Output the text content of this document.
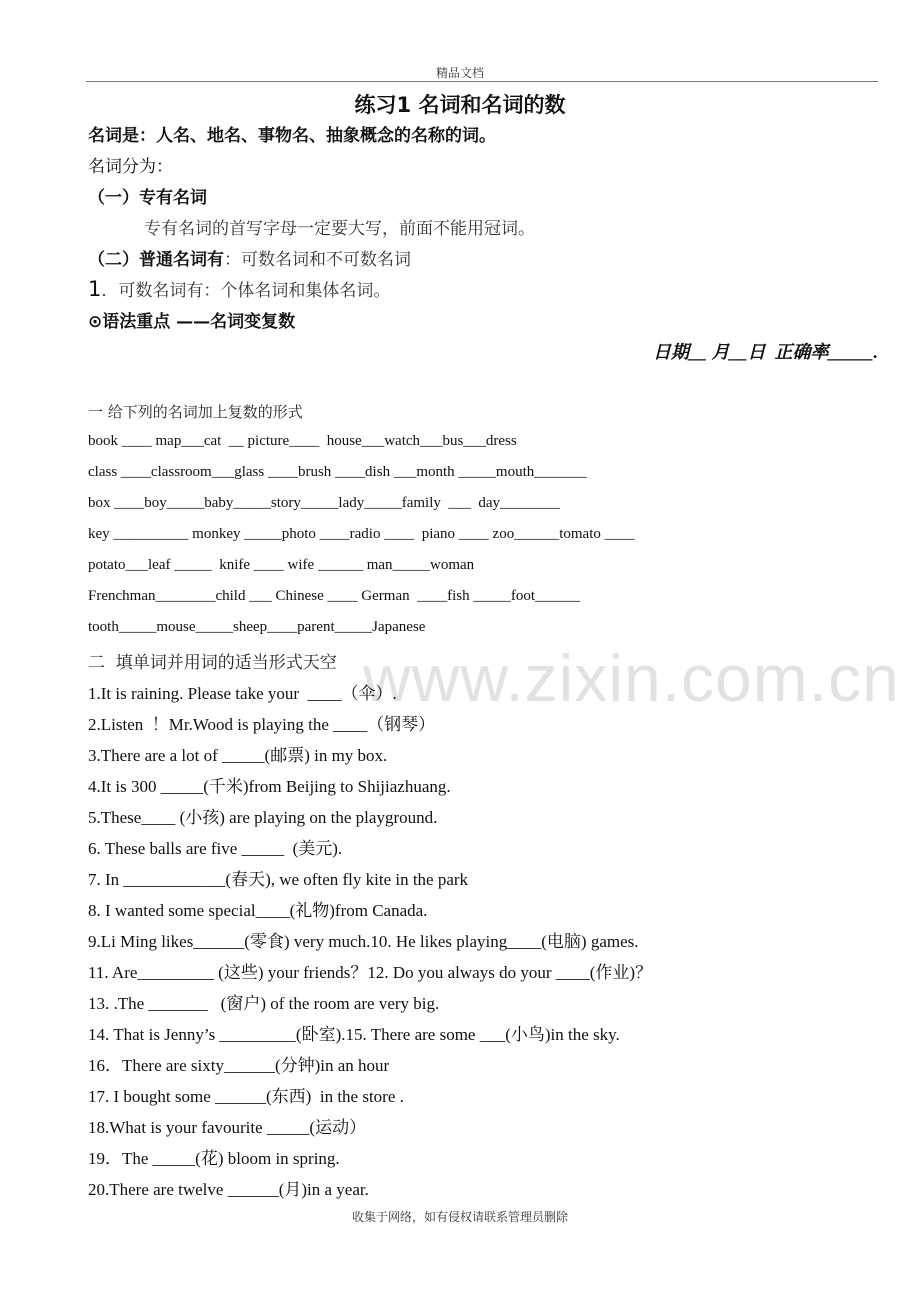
精品文档
练习1 名词和名词的数
名词是：人名、地名、事物名、抽象概念的名称的词。
名词分为：
（一）专有名词
专有名词的首写字母一定要大写，前面不能用冠词。
（二）普通名词有：可数名词和不可数名词
1．可数名词有：个体名词和集体名词。
⊙语法重点 ——名词变复数
日期__ 月__日  正确率_____.
一 给下列的名词加上复数的形式
book ____ map___cat  __ picture____  house___watch___bus___dress
class ____classroom___glass ____brush ____dish ___month _____mouth_______
box ____boy_____baby_____story_____lady_____family  ___  day________
key __________ monkey _____photo ____radio ____  piano ____ zoo______tomato ____
potato___leaf _____  knife ____ wife ______ man_____woman
Frenchman________child ___ Chinese ____ German  ____fish _____foot______
tooth_____mouse_____sheep____parent_____Japanese
www.zixin.com.cn
二  填单词并用词的适当形式天空
1.It is raining. Please take your  ____（伞）.
2.Listen  ！Mr.Wood is playing the ____（钢琴）
3.There are a lot of _____(邮票) in my box.
4.It is 300 _____(千米)from Beijing to Shijiazhuang.
5.These____ (小孩) are playing on the playground.
6. These balls are five _____  (美元).
7. In ____________(春天), we often fly kite in the park
8. I wanted some special____(礼物)from Canada.
9.Li Ming likes______(零食) very much.10. He likes playing____(电脑) games.
11. Are_________ (这些) your friends？12. Do you always do your ____(作业)？
13. .The _______   (窗户) of the room are very big.
14. That is Jenny’s _________(卧室).15. There are some ___(小鸟)in the sky.
16．There are sixty______(分钟)in an hour
17. I bought some ______(东西)  in the store .
18.What is your favourite _____(运动）
19．The _____(花) bloom in spring.
20.There are twelve ______(月)in a year.
收集于网络，如有侵权请联系管理员删除
